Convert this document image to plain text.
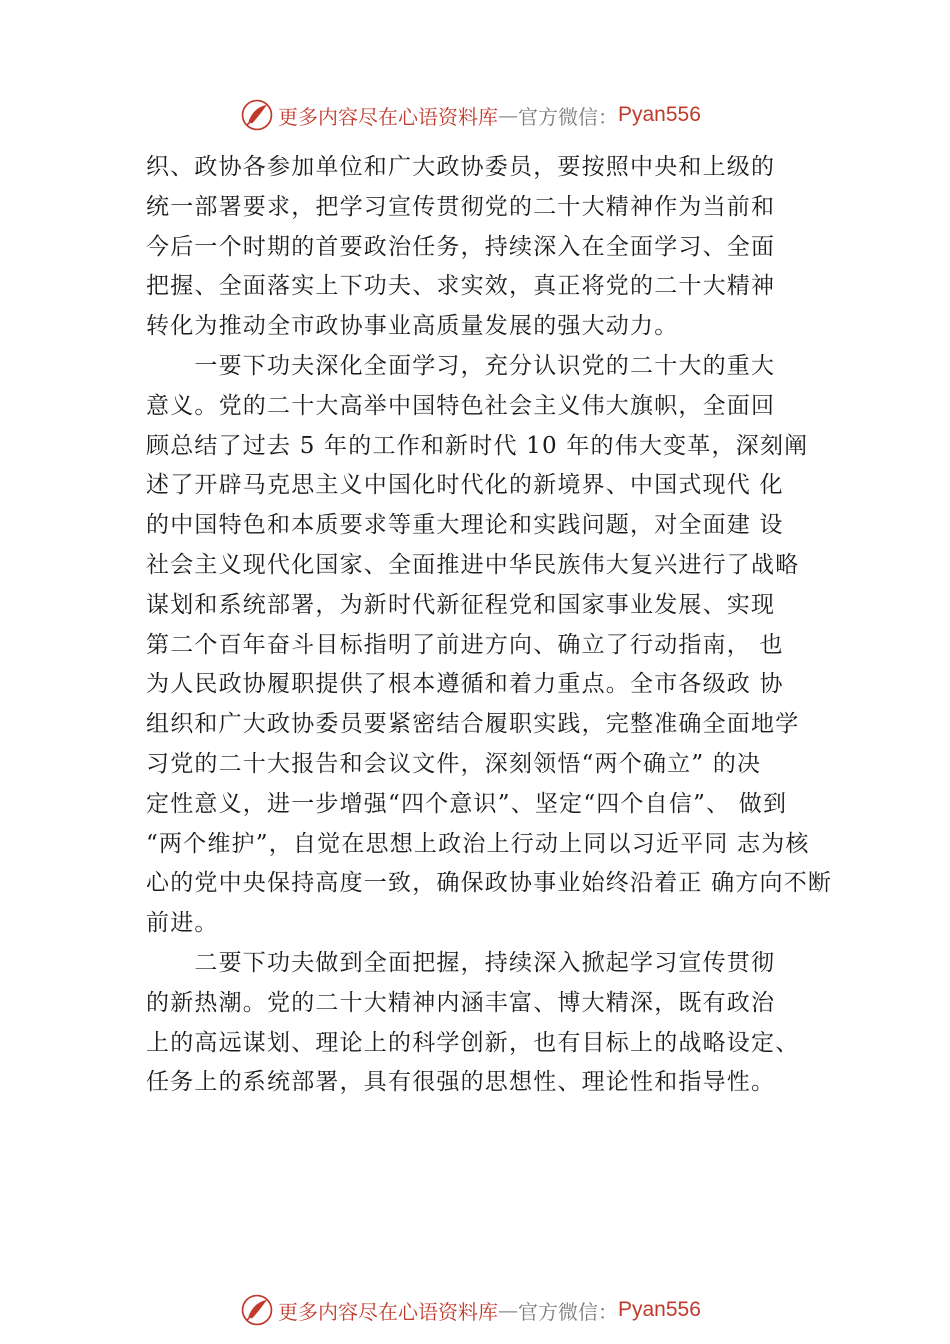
更多内容尽在心语资料库 — 官方微信： Pyan556
织、政协各参加单位和广大政协委员，要按照中央和上级的
统一部署要求，把学习宣传贯彻党的二十大精神作为当前和
今后一个时期的首要政治任务，持续深入在全面学习、全面
把握、全面落实上下功夫、求实效，真正将党的二十大精神
转化为推动全市政协事业高质量发展的强大动力。
　　一要下功夫深化全面学习，充分认识党的二十大的重大
意义。党的二十大高举中国特色社会主义伟大旗帜，全面回
顾总结了过去 5 年的工作和新时代 10 年的伟大变革，深刻阐
述了开辟马克思主义中国化时代化的新境界、中国式现代 化
的中国特色和本质要求等重大理论和实践问题，对全面建 设
社会主义现代化国家、全面推进中华民族伟大复兴进行了战略
谋划和系统部署，为新时代新征程党和国家事业发展、实现
第二个百年奋斗目标指明了前进方向、确立了行动指南， 也
为人民政协履职提供了根本遵循和着力重点。全市各级政 协
组织和广大政协委员要紧密结合履职实践，完整准确全面地学
习党的二十大报告和会议文件，深刻领悟“两个确立” 的决
定性意义，进一步增强“四个意识”、坚定“四个自信”、 做到
“两个维护”，自觉在思想上政治上行动上同以习近平同 志为核
心的党中央保持高度一致，确保政协事业始终沿着正 确方向不断
前进。
　　二要下功夫做到全面把握，持续深入掀起学习宣传贯彻
的新热潮。党的二十大精神内涵丰富、博大精深，既有政治
上的高远谋划、理论上的科学创新，也有目标上的战略设定、
任务上的系统部署，具有很强的思想性、理论性和指导性。
更多内容尽在心语资料库 — 官方微信： Pyan556
